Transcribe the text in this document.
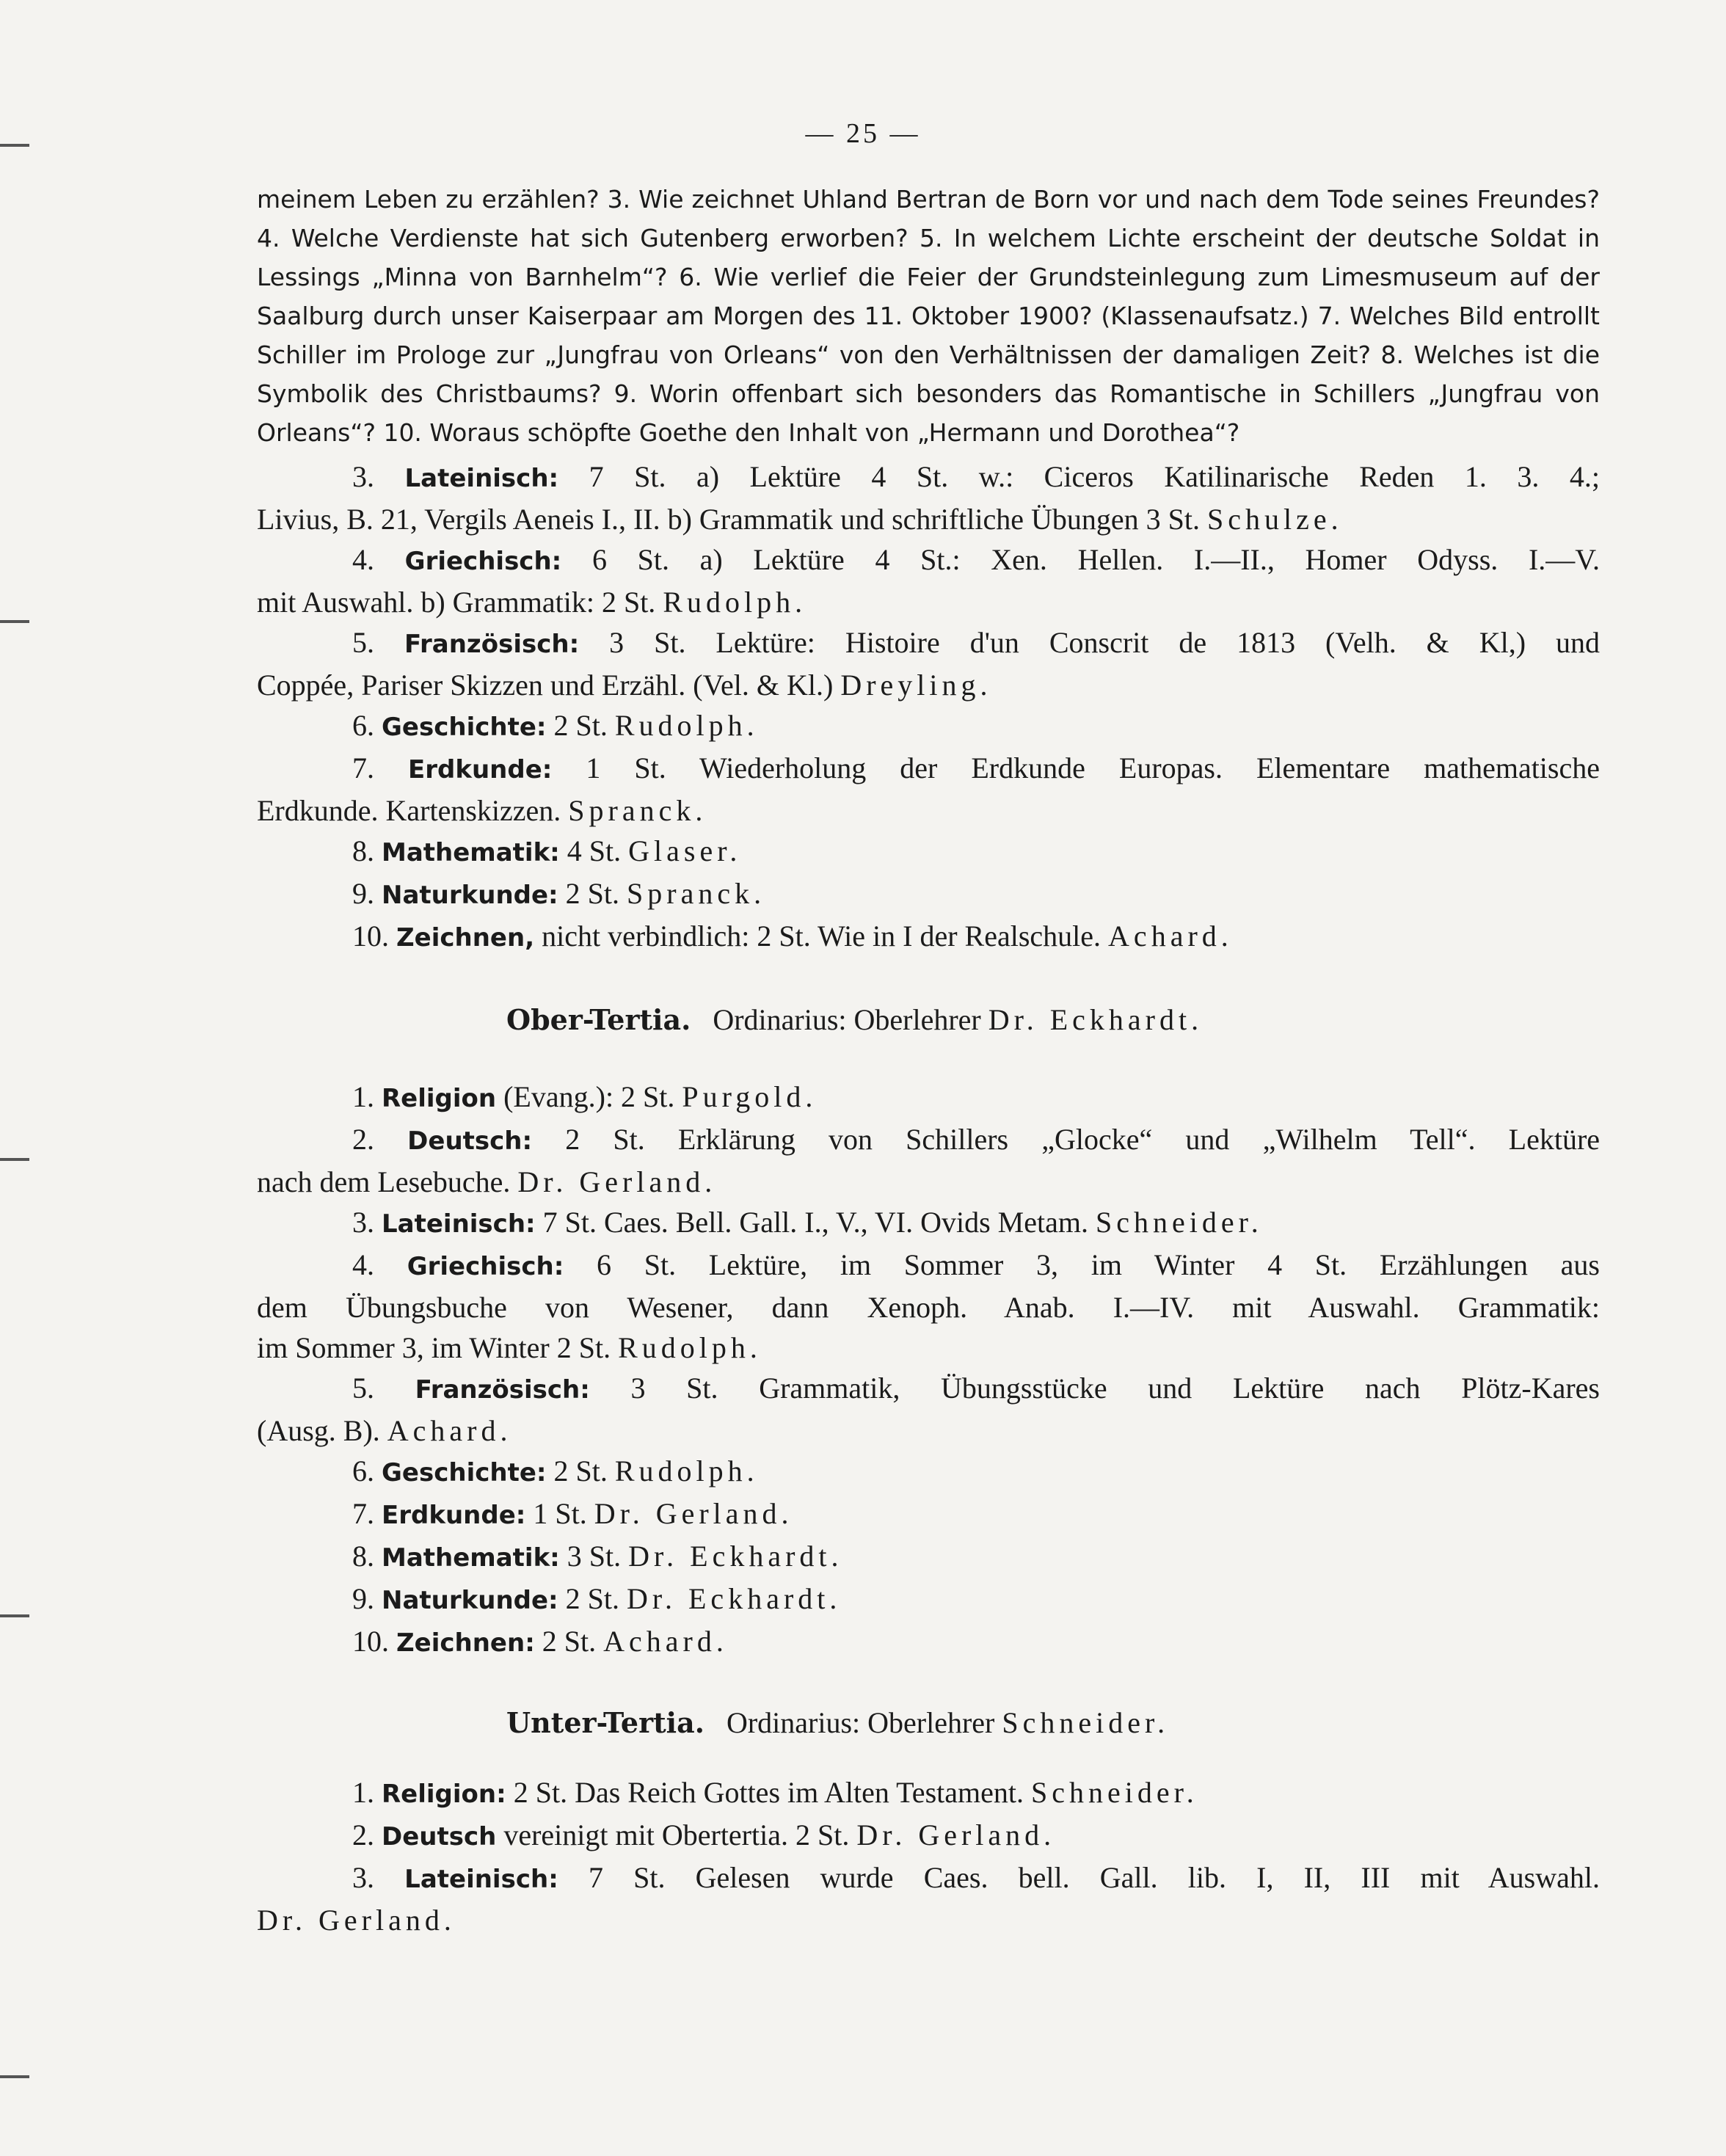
— 25 —
meinem Leben zu erzählen? 3. Wie zeichnet Uhland Bertran de Born vor und nach dem Tode seines Freundes? 4. Welche Verdienste hat sich Gutenberg erworben? 5. In welchem Lichte erscheint der deutsche Soldat in Lessings „Minna von Barnhelm“? 6. Wie verlief die Feier der Grundsteinlegung zum Limesmuseum auf der Saalburg durch unser Kaiserpaar am Morgen des 11. Oktober 1900? (Klassenaufsatz.) 7. Welches Bild entrollt Schiller im Prologe zur „Jungfrau von Orleans“ von den Verhältnissen der damaligen Zeit? 8. Welches ist die Symbolik des Christbaums? 9. Worin offenbart sich besonders das Romantische in Schillers „Jungfrau von Orleans“? 10. Woraus schöpfte Goethe den Inhalt von „Hermann und Dorothea“?
3. Lateinisch: 7 St. a) Lektüre 4 St. w.: Ciceros Katilinarische Reden 1. 3. 4.;
Livius, B. 21, Vergils Aeneis I., II. b) Grammatik und schriftliche Übungen 3 St. Schulze.
4. Griechisch: 6 St. a) Lektüre 4 St.: Xen. Hellen. I.—II., Homer Odyss. I.—V.
mit Auswahl. b) Grammatik: 2 St. Rudolph.
5. Französisch: 3 St. Lektüre: Histoire d'un Conscrit de 1813 (Velh. & Kl,) und
Coppée, Pariser Skizzen und Erzähl. (Vel. & Kl.) Dreyling.
6. Geschichte: 2 St. Rudolph.
7. Erdkunde: 1 St. Wiederholung der Erdkunde Europas. Elementare mathematische
Erdkunde. Kartenskizzen. Spranck.
8. Mathematik: 4 St. Glaser.
9. Naturkunde: 2 St. Spranck.
10. Zeichnen, nicht verbindlich: 2 St. Wie in I der Realschule. Achard.
Ober-Tertia. Ordinarius: Oberlehrer Dr. Eckhardt.
1. Religion (Evang.): 2 St. Purgold.
2. Deutsch: 2 St. Erklärung von Schillers „Glocke“ und „Wilhelm Tell“. Lektüre
nach dem Lesebuche. Dr. Gerland.
3. Lateinisch: 7 St. Caes. Bell. Gall. I., V., VI. Ovids Metam. Schneider.
4. Griechisch: 6 St. Lektüre, im Sommer 3, im Winter 4 St. Erzählungen aus
dem Übungsbuche von Wesener, dann Xenoph. Anab. I.—IV. mit Auswahl. Grammatik:
im Sommer 3, im Winter 2 St. Rudolph.
5. Französisch: 3 St. Grammatik, Übungsstücke und Lektüre nach Plötz-Kares
(Ausg. B). Achard.
6. Geschichte: 2 St. Rudolph.
7. Erdkunde: 1 St. Dr. Gerland.
8. Mathematik: 3 St. Dr. Eckhardt.
9. Naturkunde: 2 St. Dr. Eckhardt.
10. Zeichnen: 2 St. Achard.
Unter-Tertia. Ordinarius: Oberlehrer Schneider.
1. Religion: 2 St. Das Reich Gottes im Alten Testament. Schneider.
2. Deutsch vereinigt mit Obertertia. 2 St. Dr. Gerland.
3. Lateinisch: 7 St. Gelesen wurde Caes. bell. Gall. lib. I, II, III mit Auswahl.
Dr. Gerland.
